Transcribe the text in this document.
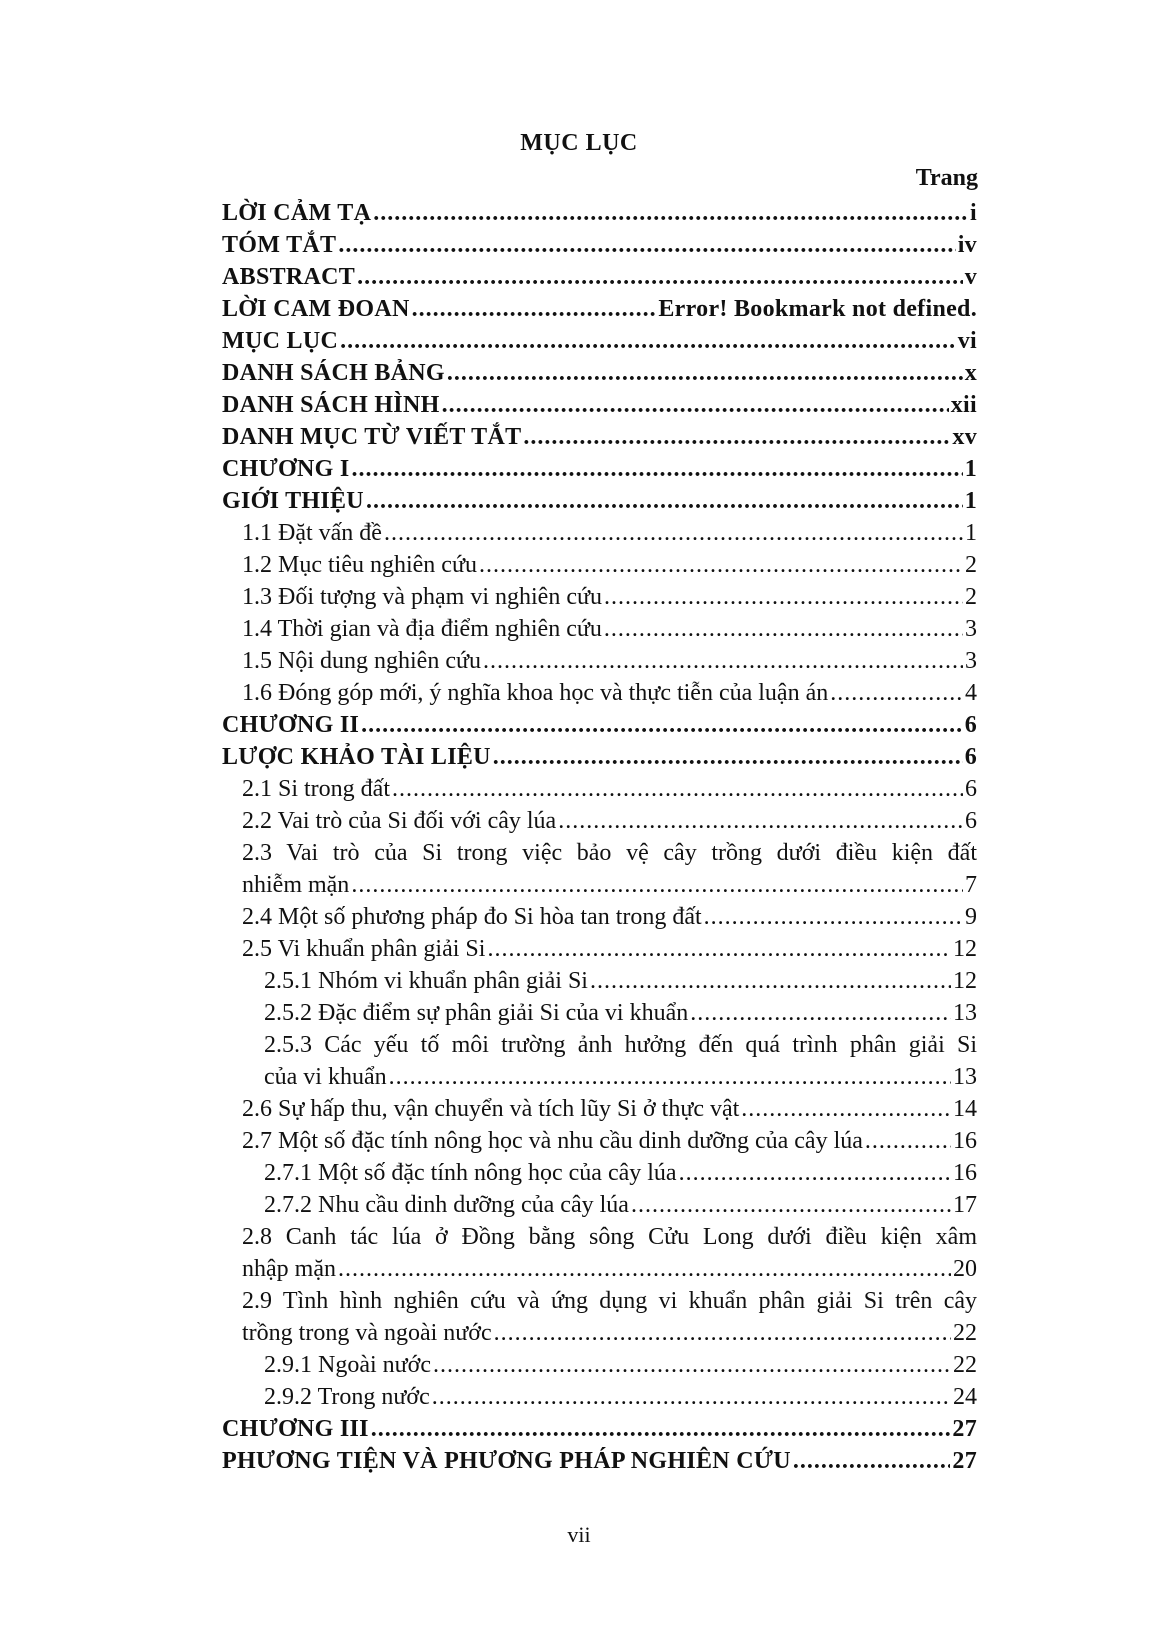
MỤC LỤC
Trang
LỜI CẢM TẠ .....	i
TÓM TẮT .....	iv
ABSTRACT .....	v
LỜI CAM ĐOAN .....	Error! Bookmark not defined.
MỤC LỤC .....	vi
DANH SÁCH BẢNG .....	x
DANH SÁCH HÌNH .....	xii
DANH MỤC TỪ VIẾT TẮT .....	xv
CHƯƠNG I .....	1
GIỚI THIỆU .....	1
1.1 Đặt vấn đề .....	1
1.2 Mục tiêu nghiên cứu .....	2
1.3 Đối tượng và phạm vi nghiên cứu .....	2
1.4 Thời gian và địa điểm nghiên cứu .....	3
1.5 Nội dung nghiên cứu .....	3
1.6 Đóng góp mới, ý nghĩa khoa học và thực tiễn của luận án .....	4
CHƯƠNG II .....	6
LƯỢC KHẢO TÀI LIỆU .....	6
2.1 Si trong đất .....	6
2.2 Vai trò của Si đối với cây lúa .....	6
2.3 Vai trò của Si trong việc bảo vệ cây trồng dưới điều kiện đất
nhiễm mặn .....	7
2.4 Một số phương pháp đo Si hòa tan trong đất .....	9
2.5 Vi khuẩn phân giải Si .....	12
2.5.1 Nhóm vi khuẩn phân giải Si .....	12
2.5.2 Đặc điểm sự phân giải Si của vi khuẩn .....	13
2.5.3 Các yếu tố môi trường ảnh hưởng đến quá trình phân giải Si
của vi khuẩn .....	13
2.6 Sự hấp thu, vận chuyển và tích lũy Si ở thực vật .....	14
2.7 Một số đặc tính nông học và nhu cầu dinh dưỡng của cây lúa .....	16
2.7.1 Một số đặc tính nông học của cây lúa .....	16
2.7.2 Nhu cầu dinh dưỡng của cây lúa .....	17
2.8 Canh tác lúa ở Đồng bằng sông Cửu Long dưới điều kiện xâm
nhập mặn .....	20
2.9 Tình hình nghiên cứu và ứng dụng vi khuẩn phân giải Si trên cây
trồng trong và ngoài nước .....	22
2.9.1 Ngoài nước .....	22
2.9.2 Trong nước .....	24
CHƯƠNG III .....	27
PHƯƠNG TIỆN VÀ PHƯƠNG PHÁP NGHIÊN CỨU .....	27
vii
